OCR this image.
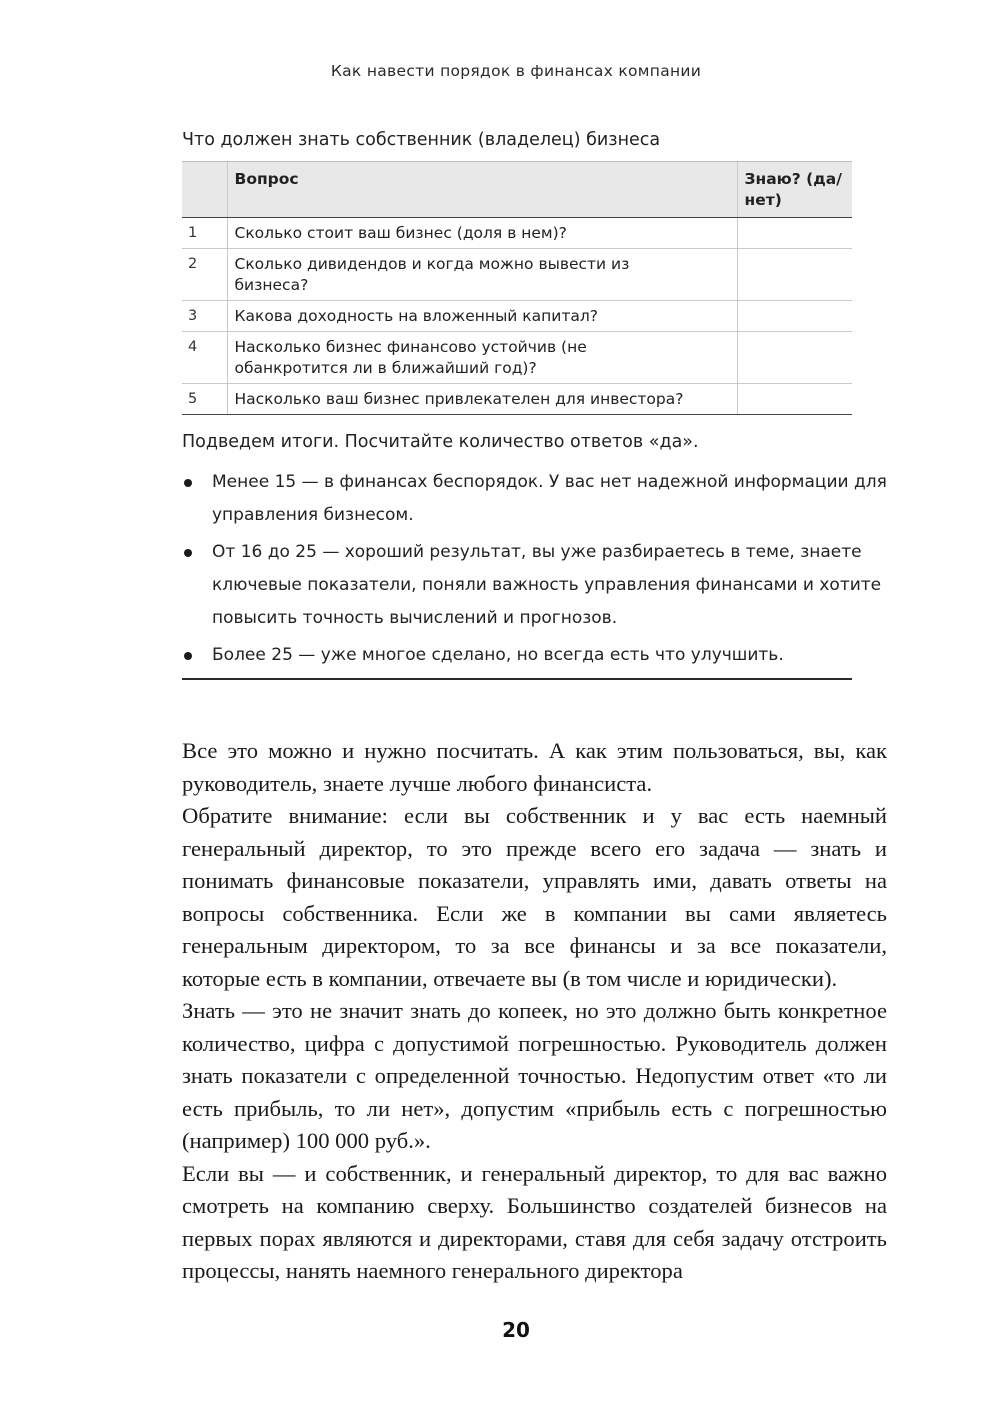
Как навести порядок в финансах компании
Что должен знать собственник (владелец) бизнеса
	Вопрос	Знаю? (да/нет)
1	Сколько стоит ваш бизнес (доля в нем)?	
2	Сколько дивидендов и когда можно вывести из бизнеса?	

3	Какова доходность на вложенный капитал?	
4	Насколько бизнес финансово устойчив (не обанкротится ли в ближайший год)?	

5	Насколько ваш бизнес привлекателен для инвестора?	
Подведем итоги. Посчитайте количество ответов «да».
Менее 15 — в финансах беспорядок. У вас нет надежной информации для управления бизнесом.
От 16 до 25 — хороший результат, вы уже разбираетесь в теме, знаете ключевые показатели, поняли важность управления финансами и хотите повысить точность вычислений и прогнозов.
Более 25 — уже многое сделано, но всегда есть что улучшить.

Все это можно и нужно посчитать. А как этим пользоваться, вы, как руководитель, знаете лучше любого финансиста.

Обратите внимание: если вы собственник и у вас есть наемный генеральный директор, то это прежде всего его задача — знать и понимать финансовые показатели, управлять ими, давать ответы на вопросы собственника. Если же в компании вы сами являетесь генеральным директором, то за все финансы и за все показатели, которые есть в компании, отвечаете вы (в том числе и юридически).

Знать — это не значит знать до копеек, но это должно быть конкретное количество, цифра с допустимой погрешностью. Руководитель должен знать показатели с определенной точностью. Недопустим ответ «то ли есть прибыль, то ли нет», допустим «прибыль есть с погрешностью (например) 100 000 руб.».

Если вы — и собственник, и генеральный директор, то для вас важно смотреть на компанию сверху. Большинство создателей бизнесов на первых порах являются и директорами, ставя для себя задачу отстроить процессы, нанять наемного генерального директора

20
